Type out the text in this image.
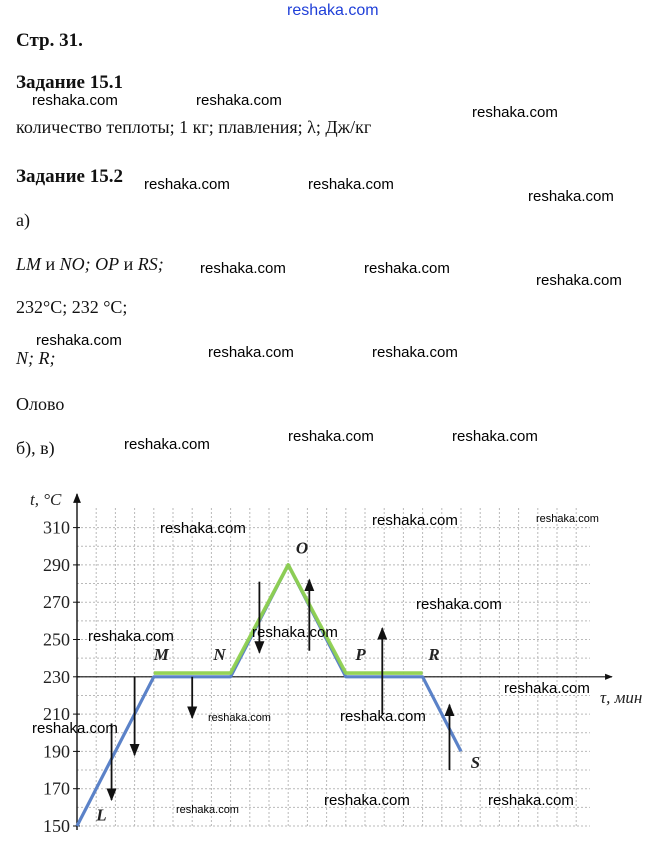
reshaka.com
reshaka.com	reshaka.com
reshaka.com
reshaka.com	reshaka.com
reshaka.com
reshaka.com	reshaka.com
reshaka.com
reshaka.com
reshaka.com	reshaka.com
reshaka.com	reshaka.com	reshaka.com
Стр. 31.
Задание 15.1
количество теплоты; 1 кг; плавления; λ; Дж/кг
Задание 15.2
а)
LM и NO; OP и RS;
232°C; 232 °C;
N; R;
Олово
б), в)
150
170
190
210
230
250
270
290
310
t, °C
τ, мин
L
M	N
O
P	R
S
reshaka.com	reshaka.com	reshaka.com
reshaka.com
reshaka.com	reshaka.com
reshaka.com
reshaka.com	reshaka.com
reshaka.com
reshaka.com
reshaka.com	reshaka.com
